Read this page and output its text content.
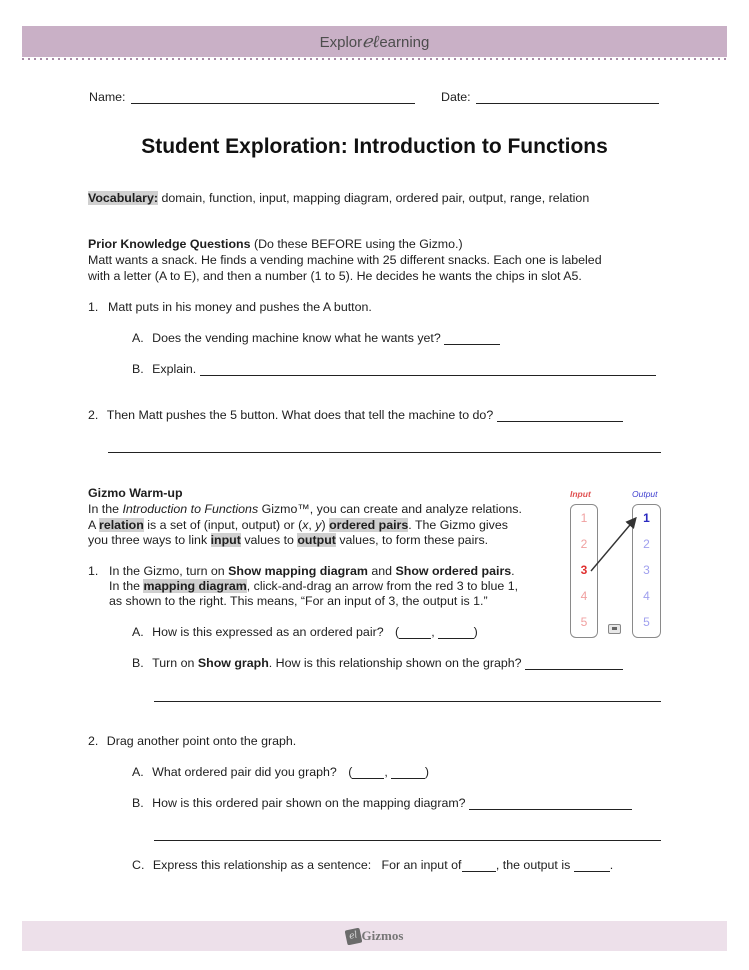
Explorℯℓearning
Name:	Date:
Student Exploration: Introduction to Functions
Vocabulary: domain, function, input, mapping diagram, ordered pair, output, range, relation
Prior Knowledge Questions (Do these BEFORE using the Gizmo.)
Matt wants a snack. He finds a vending machine with 25 different snacks. Each one is labeled
with a letter (A to E), and then a number (1 to 5). He decides he wants the chips in slot A5.
1. Matt puts in his money and pushes the A button.
A. Does the vending machine know what he wants yet?
B. Explain.
2. Then Matt pushes the 5 button. What does that tell the machine to do?
Gizmo Warm-up
In the Introduction to Functions Gizmo™, you can create and analyze relations.
A relation is a set of (input, output) or (x, y) ordered pairs. The Gizmo gives
you three ways to link input values to output values, to form these pairs.
1. In the Gizmo, turn on Show mapping diagram and Show ordered pairs.
In the mapping diagram, click-and-drag an arrow from the red 3 to blue 1,
as shown to the right. This means, “For an input of 3, the output is 1.”
A. How is this expressed as an ordered pair? (	,	)
B. Turn on Show graph. How is this relationship shown on the graph?
2. Drag another point onto the graph.
A. What ordered pair did you graph? (	,	)
B. How is this ordered pair shown on the mapping diagram?
C. Express this relationship as a sentence:   For an input of	, the output is	.
Input	Output
1
2
3
4
5
1
2
3
4
5
el Gizmos
